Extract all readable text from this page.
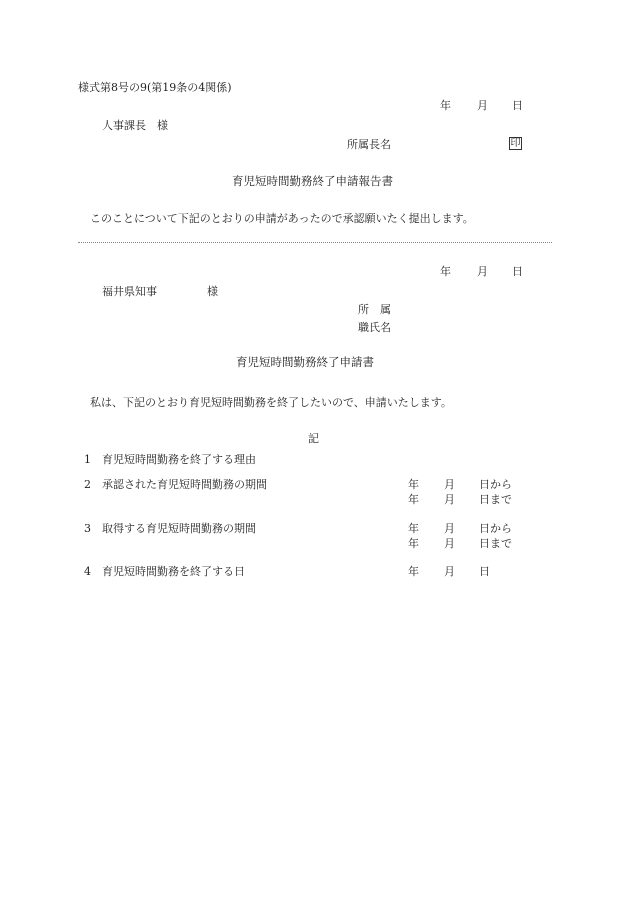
様式第8号の9(第19条の4関係)
年 月 日
人事課長　様
所属長名	印
育児短時間勤務終了申請報告書
このことについて下記のとおりの申請があったので承認願いたく提出します。
年 月 日
福井県知事	様
所　属
職氏名
育児短時間勤務終了申請書
私は、下記のとおり育児短時間勤務を終了したいので、申請いたします。
記
1 育児短時間勤務を終了する理由
2 承認された育児短時間勤務の期間	年 月 日から
年 月 日まで
3 取得する育児短時間勤務の期間	年 月 日から
年 月 日まで
4 育児短時間勤務を終了する日	年 月 日
